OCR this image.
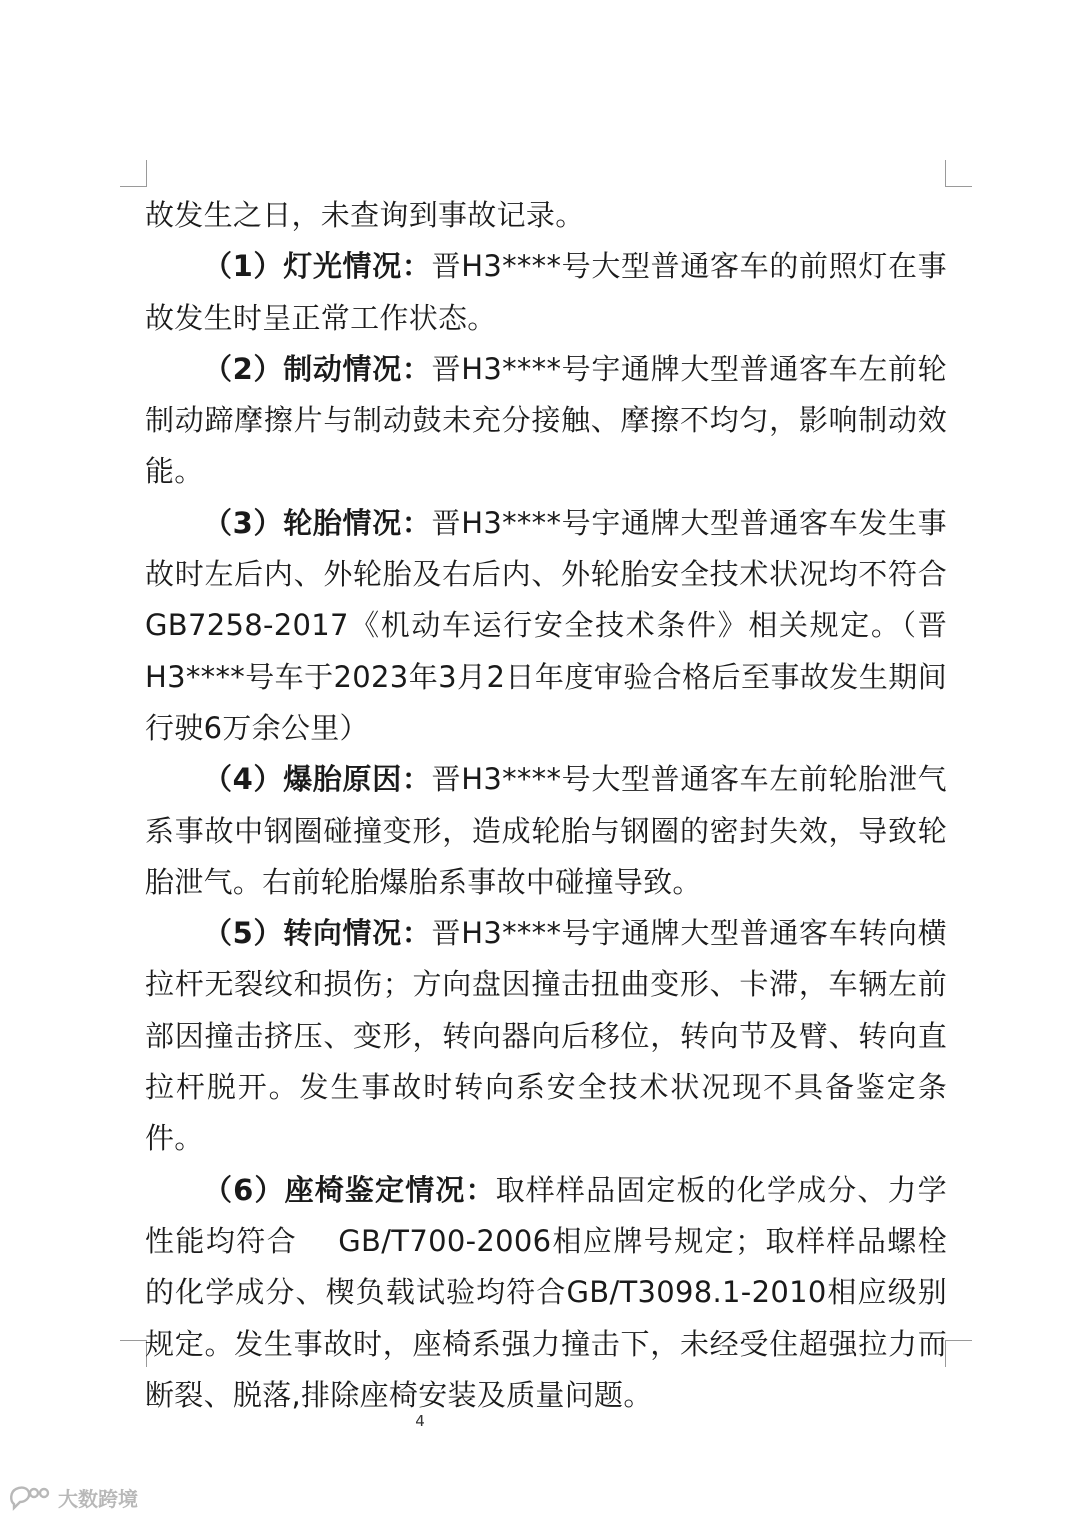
故发生之日，未查询到事故记录。

（1）灯光情况：晋H3****号大型普通客车的前照灯在事故发生时呈正常工作状态。

（2）制动情况：晋H3****号宇通牌大型普通客车左前轮制动蹄摩擦片与制动鼓未充分接触、摩擦不均匀，影响制动效能。

（3）轮胎情况：晋H3****号宇通牌大型普通客车发生事故时左后内、外轮胎及右后内、外轮胎安全技术状况均不符合GB7258-2017《机动车运行安全技术条件》相关规定。（晋H3****号车于2023年3月2日年度审验合格后至事故发生期间行驶6万余公里）

（4）爆胎原因：晋H3****号大型普通客车左前轮胎泄气系事故中钢圈碰撞变形，造成轮胎与钢圈的密封失效，导致轮胎泄气。右前轮胎爆胎系事故中碰撞导致。

（5）转向情况：晋H3****号宇通牌大型普通客车转向横拉杆无裂纹和损伤；方向盘因撞击扭曲变形、卡滞，车辆左前部因撞击挤压、变形，转向器向后移位，转向节及臂、转向直拉杆脱开。发生事故时转向系安全技术状况现不具备鉴定条件。

（6）座椅鉴定情况：取样样品固定板的化学成分、力学性能均符合　 GB/T700-2006相应牌号规定；取样样品螺栓的化学成分、楔负载试验均符合GB/T3098.1-2010相应级别规定。发生事故时，座椅系强力撞击下，未经受住超强拉力而断裂、脱落,排除座椅安装及质量问题。

4
大数跨境
